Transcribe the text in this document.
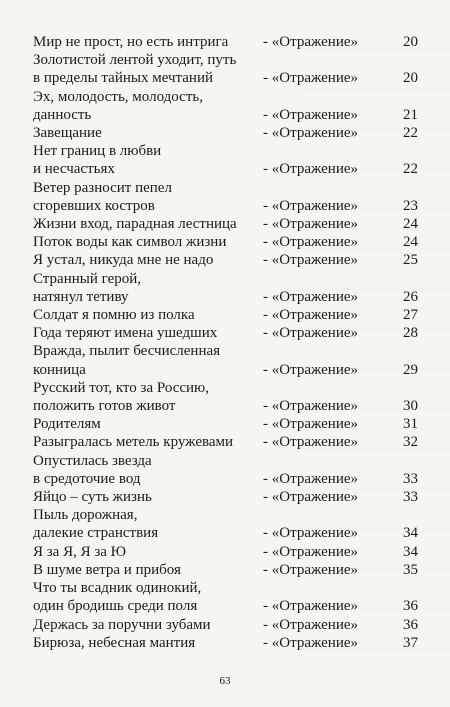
Мир не прост, но есть интрига	- «Отражение»	20
Золотистой лентой уходит, путь
в пределы тайных мечтаний	- «Отражение»	20
Эх, молодость, молодость,
данность	- «Отражение»	21
Завещание	- «Отражение»	22
Нет границ в любви
и несчастьях	- «Отражение»	22
Ветер разносит пепел
сгоревших костров	- «Отражение»	23
Жизни вход, парадная лестница	- «Отражение»	24
Поток воды как символ жизни	- «Отражение»	24
Я устал, никуда мне не надо	- «Отражение»	25
Странный герой,
натянул тетиву	- «Отражение»	26
Солдат я помню из полка	- «Отражение»	27
Года теряют имена ушедших	- «Отражение»	28
Вражда, пылит бесчисленная
конница	- «Отражение»	29
Русский тот, кто за Россию,
положить готов живот	- «Отражение»	30
Родителям	- «Отражение»	31
Разыгралась метель кружевами	- «Отражение»	32
Опустилась звезда
в средоточие вод	- «Отражение»	33
Яйцо – суть жизнь	- «Отражение»	33
Пыль дорожная,
далекие странствия	- «Отражение»	34
Я за Я, Я за Ю	- «Отражение»	34
В шуме ветра и прибоя	- «Отражение»	35
Что ты всадник одинокий,
один бродишь среди поля	- «Отражение»	36
Держась за поручни зубами	- «Отражение»	36
Бирюза, небесная мантия	- «Отражение»	37
63
